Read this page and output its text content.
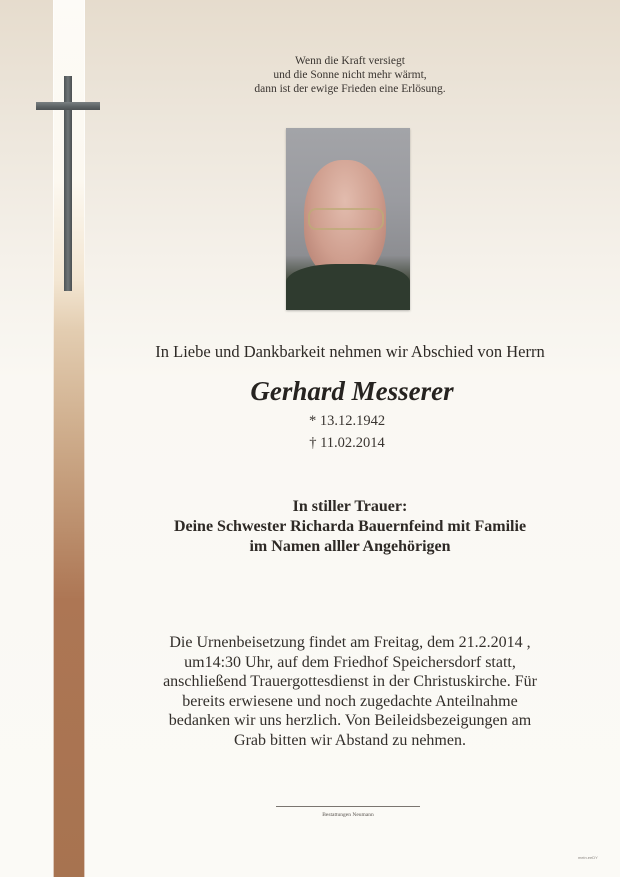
Wenn die Kraft versiegt
und die Sonne nicht mehr wärmt,
dann ist der ewige Frieden eine Erlösung.
In Liebe und Dankbarkeit nehmen wir Abschied von Herrn
Gerhard Messerer
* 13.12.1942
† 11.02.2014
In stiller Trauer:
Deine Schwester Richarda Bauernfeind mit Familie
im Namen alller Angehörigen
Die Urnenbeisetzung findet am Freitag, dem 21.2.2014 ,
um14:30 Uhr, auf dem Friedhof Speichersdorf statt,
anschließend Trauergottesdienst in der Christuskirche. Für
bereits erwiesene und noch zugedachte Anteilnahme
bedanken wir uns herzlich. Von Beileidsbezeigungen am
Grab bitten wir Abstand zu nehmen.
Bestattungen Neumann
mein.eeDY
